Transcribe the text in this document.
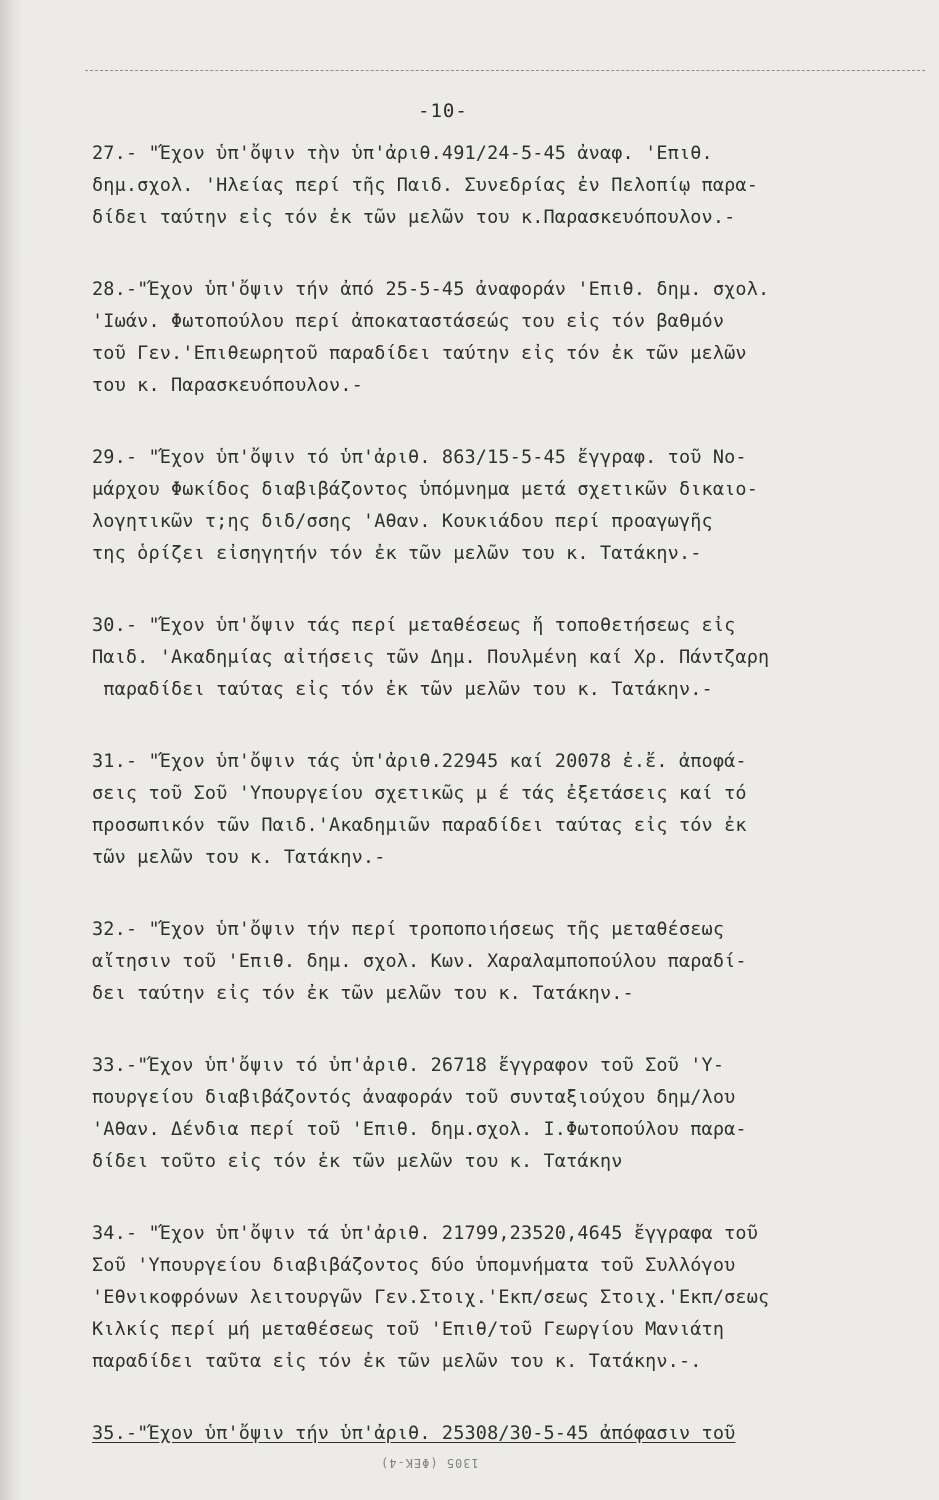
-10-
27.- "Έχον ὑπ'ὄψιν τὴν ὑπ'ἀριθ.491/24-5-45 ἀναφ. 'Επιθ.
δημ.σχολ. 'Ηλείας περί τῆς Παιδ. Συνεδρίας ἐν Πελοπίῳ παρα-
δίδει ταύτην εἰς τόν ἐκ τῶν μελῶν του κ.Παρασκευόπουλον.-
28.-"Έχον ὑπ'ὄψιν τήν ἀπό 25-5-45 ἀναφοράν 'Επιθ. δημ. σχολ.
'Ιωάν. Φωτοπούλου περί ἀποκαταστάσεώς του εἰς τόν βαθμόν
τοῦ Γεν.'Επιθεωρητοῦ παραδίδει ταύτην εἰς τόν ἐκ τῶν μελῶν
του κ. Παρασκευόπουλον.-
29.- "Έχον ὑπ'ὄψιν τό ὑπ'ἀριθ. 863/15-5-45 ἔγγραφ. τοῦ Νο-
μάρχου Φωκίδος διαβιβάζοντος ὑπόμνημα μετά σχετικῶν δικαιο-
λογητικῶν τ;ης διδ/σσης 'Αθαν. Κουκιάδου περί προαγωγῆς
της ὁρίζει εἰσηγητήν τόν ἐκ τῶν μελῶν του κ. Τατάκην.-
30.- "Έχον ὑπ'ὄψιν τάς περί μεταθέσεως ἤ τοποθετήσεως εἰς
Παιδ. 'Ακαδημίας αἰτήσεις τῶν Δημ. Πουλμένη καί Χρ. Πάντζαρη
παραδίδει ταύτας εἰς τόν ἐκ τῶν μελῶν του κ. Τατάκην.-
31.- "Έχον ὑπ'ὄψιν τάς ὑπ'ἀριθ.22945 καί 20078 ἐ.ἔ. ἀποφά-
σεις τοῦ Σοῦ 'Υπουργείου σχετικῶς μ έ τάς ἐξετάσεις καί τό
προσωπικόν τῶν Παιδ.'Ακαδημιῶν παραδίδει ταύτας εἰς τόν ἐκ
τῶν μελῶν του κ. Τατάκην.-
32.- "Έχον ὑπ'ὄψιν τήν περί τροποποιήσεως τῆς μεταθέσεως
αἴτησιν τοῦ 'Επιθ. δημ. σχολ. Κων. Χαραλαμποπούλου παραδί-
δει ταύτην εἰς τόν ἐκ τῶν μελῶν του κ. Τατάκην.-
33.-"Έχον ὑπ'ὄψιν τό ὑπ'ἀριθ. 26718 ἔγγραφον τοῦ Σοῦ 'Υ-
πουργείου διαβιβάζοντός ἀναφοράν τοῦ συνταξιούχου δημ/λου
'Αθαν. Δένδια περί τοῦ 'Επιθ. δημ.σχολ. Ι.Φωτοπούλου παρα-
δίδει τοῦτο εἰς τόν ἐκ τῶν μελῶν του κ. Τατάκην
34.- "Έχον ὑπ'ὄψιν τά ὑπ'ἀριθ. 21799,23520,4645 ἔγγραφα τοῦ
Σοῦ 'Υπουργείου διαβιβάζοντος δύο ὑπομνήματα τοῦ Συλλόγου
'Εθνικοφρόνων λειτουργῶν Γεν.Στοιχ.'Εκπ/σεως Στοιχ.'Εκπ/σεως
Κιλκίς περί μή μεταθέσεως τοῦ 'Επιθ/τοῦ Γεωργίου Μανιάτη
παραδίδει ταῦτα εἰς τόν ἐκ τῶν μελῶν του κ. Τατάκην.-.
35.-"Έχον ὑπ'ὄψιν τήν ὑπ'ἀριθ. 25308/30-5-45 ἀπόφασιν τοῦ
1305 (ΦΕΚ-4)
